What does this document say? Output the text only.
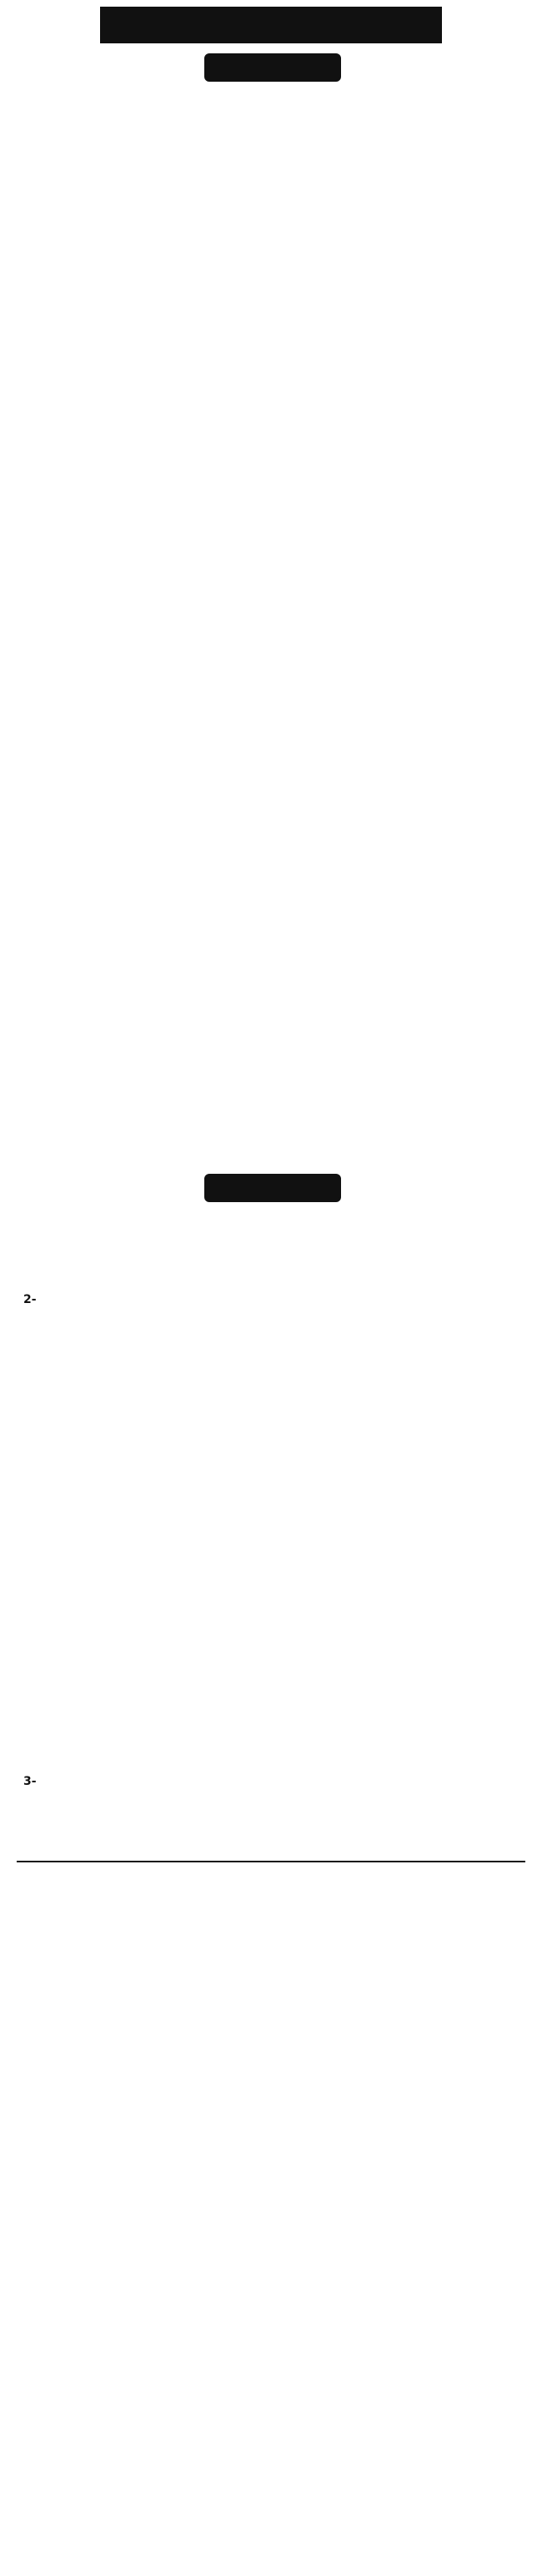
-2
-3
